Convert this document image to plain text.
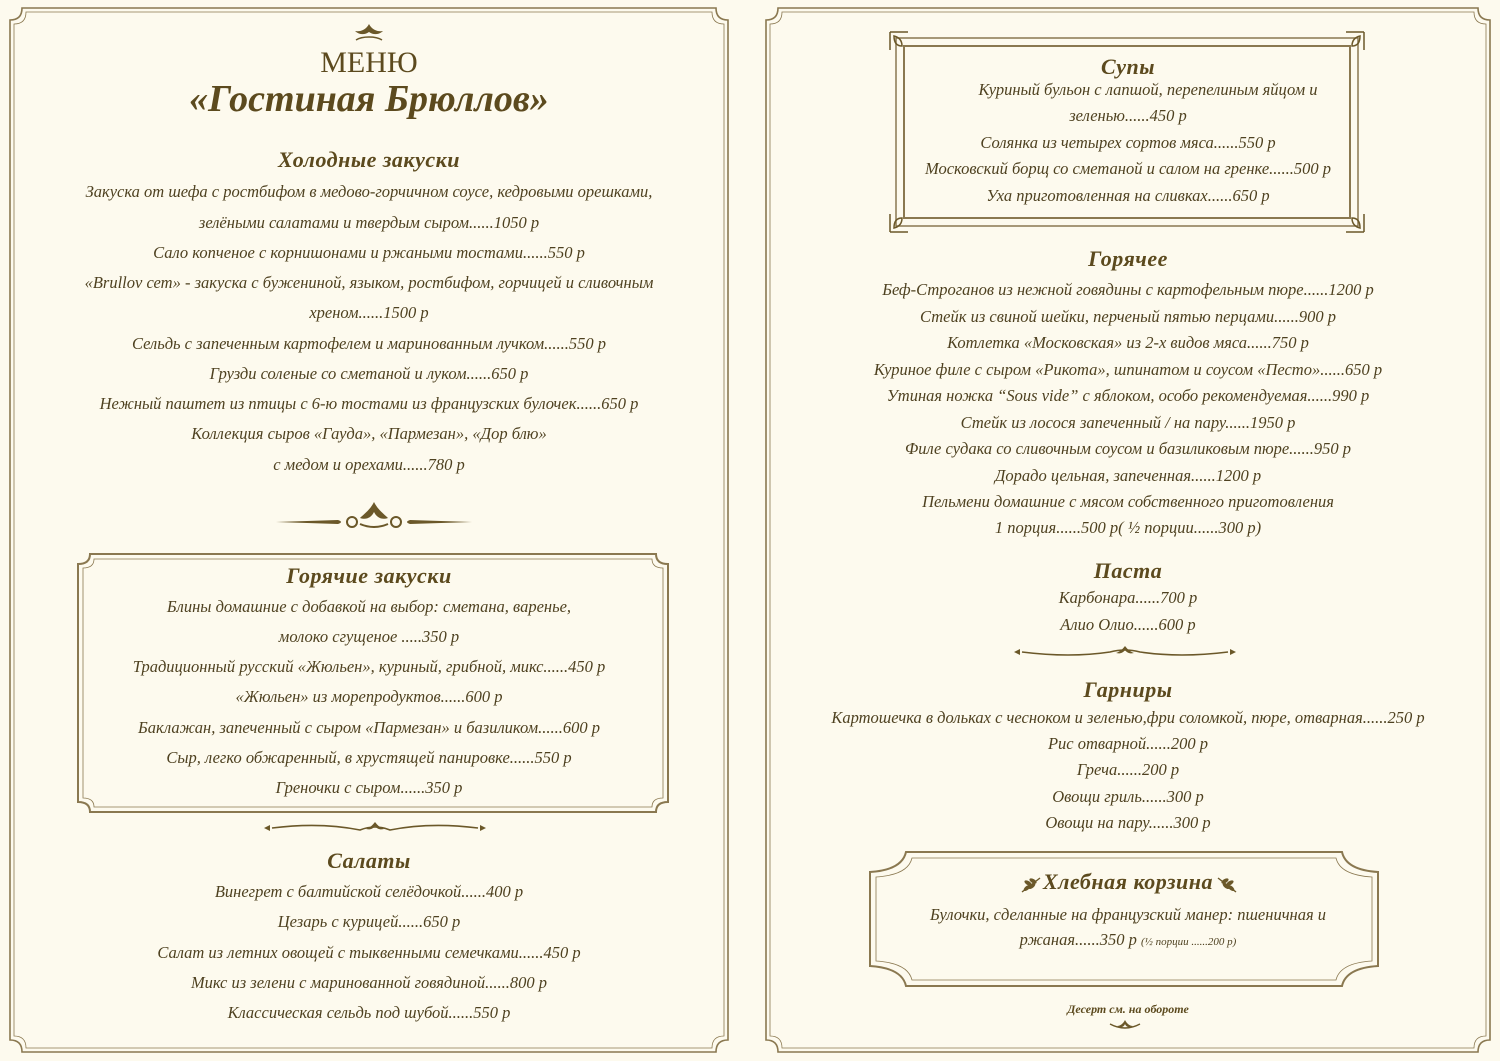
МЕНЮ
«Гостиная Брюллов»
Холодные закуски
Закуска от шефа с ростбифом в медово-горчичном соусе, кедровыми орешками,
зелёными салатами и твердым сыром......1050 р
Сало копченое с корнишонами и ржаными тостами......550 р
«Brullov сет» - закуска с бужениной, языком, ростбифом, горчицей и сливочным
хреном......1500 р
Сельдь с запеченным картофелем и маринованным лучком......550 р
Грузди соленые со сметаной и луком......650 р
Нежный паштет из птицы с 6-ю тостами из французских булочек......650 р
Коллекция сыров «Гауда», «Пармезан», «Дор блю»
с медом и орехами......780 р
Горячие закуски
Блины домашние с добавкой на выбор: сметана, варенье,
молоко сгущеное .....350 р
Традиционный русский «Жюльен», куриный, грибной, микс......450 р
«Жюльен» из морепродуктов......600 р
Баклажан, запеченный с сыром «Пармезан» и базиликом......600 р
Сыр, легко обжаренный, в хрустящей панировке......550 р
Греночки с сыром......350 р
Салаты
Винегрет с балтийской селёдочкой......400 р
Цезарь с курицей......650 р
Салат из летних овощей с тыквенными семечками......450 р
Микс из зелени с маринованной говядиной......800 р
Классическая сельдь под шубой......550 р
Супы
Куриный бульон с лапшой, перепелиным яйцом и
зеленью......450 р
Солянка из четырех сортов мяса......550 р
Московский борщ со сметаной и салом на гренке......500 р
Уха приготовленная на сливках......650 р
Горячее
Беф-Строганов из нежной говядины с картофельным пюре......1200 р
Стейк из свиной шейки, перченый пятью перцами......900 р
Котлетка «Московская» из 2-х видов мяса......750 р
Куриное филе с сыром «Рикота», шпинатом и соусом «Песто»......650 р
Утиная ножка “Sous vide” с яблоком, особо рекомендуемая......990 р
Стейк из лосося запеченный / на пару......1950 р
Филе судака со сливочным соусом и базиликовым пюре......950 р
Дорадо цельная, запеченная......1200 р
Пельмени домашние с мясом собственного приготовления
1 порция......500 р( ½ порции......300 р)
Паста
Карбонара......700 р
Алио Олио......600 р
Гарниры
Картошечка в дольках с чесноком и зеленью,фри соломкой, пюре, отварная......250 р
Рис отварной......200 р
Греча......200 р
Овощи гриль......300 р
Овощи на пару......300 р
Хлебная корзина
Булочки, сделанные на французский манер: пшеничная и
ржаная......350 р (½ порции ......200 р)
Десерт см. на обороте
